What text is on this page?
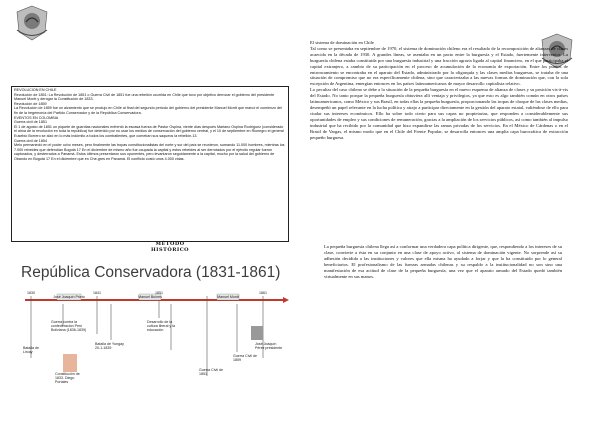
REVOLUCION EN CHILE

Revolución de 1851: La Revolución de 1851 o Guerra Civil de 1851 fue una rebelión ocurrida en Chile que tuvo por objetivo derrocar el gobierno del presidente Manuel Montt y derogar la Constitución de 1833.

Revolución de 1859

La Revolución de 1859 fue un alzamiento que se produjo en Chile al final del segundo periodo del gobierno del presidente Manuel Montt que marcó el comienzo del fin de la hegemonía del Partido Conservador y de la República Conservadora.

EVENTOS EN COLOMBIA

Guerra civil de 1851

El 1 de agosto de 1851 un piquete de guardias nacionales enfrentó la escasa fuerza de Pastor Ospina, viente días después Mariano Ospina Rodríguez (considerado el alma de la revolución en toda la república) fue detenido por no usar los medios de conservación del gobierno central, y el 10 de septiembre en Rionegro el general Eusebio Borrero se alzó en lo más indómito a todos los combatientes, que cometían sus saqueos la rebelión.13.

Guerra civil de 1854

Melo permaneció en el poder ocho meses, pero finalmente las tropas constitucionalistas del norte y sur del país se reunieron, sumando 11.000 hombres, mientras los 7.000 rebeldes que defendían Bogotá 17 En el diciembre de mismo año fue ocupada la capital y estos rebeldes al ser derrotados por el ejército regular fueron capturados, y desterrados a Panamá. Estos últimos presentaron sus oponentes, pero levantaron seguidamente a la capital, mucho por la salud del gobierno de Obando en Bogotá 17 En el diciembre que en Che-gres en Panamá. El conflicto costó unos 4.000 vidas.

MÉTODO
HISTÓRICO
República Conservadora (1831-1861)
1830	1841	1851	1861
José Joaquín Prieto	Manuel Bulnes	Manuel Montt
Batalla de Lircay
Guerra contra la confederación Perú Boliviana (1836-1839)
Constitución de 1833. Diego Portales
Batalla de Yungay 20-1-1839
Desarrollo de la cultura liberal y la educación
Guerra Civil de 1851
Guerra Civil de 1859
José Joaquín Pérez presidente

El sistema de dominación en Chile

Tal como se presentaba en septiembre de 1970, el sistema de dominación chileno era el resultado de la recomposición de alianzas de clases acaecida en la década de 1930. A grandes líneas, se asentaba en un pacto entre la burguesía y el Estado, fuertemente interventor. La burguesía chilena estaba constituida por una burguesía industrial y una fracción agraria ligada al capital financiero, en el que participaba el capital extranjero, a cambio de su participación en el proceso de acumulación de la economía de exportación. Entre los puntos de entroncamiento se encontraba en el aparato del Estado, administrado por la oligarquía y las clases medias burguesas, se trataba de una situación de compromiso que no era específicamente chilena, sino que caracterizaba a las nuevas formas de dominación que, con la sola excepción de Argentina, emergían entonces en los países latinoamericanos de mayor desarrollo capitalista relativo.

Lo peculiar del caso chileno se debe a la situación de la pequeña burguesía en el nuevo esquema de alianza de clases y su posición vis-à-vis del Estado. No tanto porque la pequeña burguesía obtuviera allí ventaja y privilegios, ya que esto es algo también común en otros países latinoamericanos, como México y sus Brasil, en todas ellas la pequeña burguesía, proporcionando las tropas de choque de las clases medias, desempeñó un papel relevante en la lucha política y atrajo a participar directamente en la gestión del aparato estatal, valiéndose de ello para ciudar sus intereses económicos. Ello ha sobre todo cierto para sus capas no propietarias, que responden a considerablemente sus oportunidades de empleo y sus condiciones de remuneración, gracias a la ampliación de los servicios públicos, así como también al impulso industrial que ha recibido por la comunidad que hizo expandirse las ramas privadas de los servicios. En el México de Cárdenas o en el Brasil de Vargas, el mismo modo que en el Chile del Frente Popular, se desarrolla entonces una amplia capa burocrática de extracción pequeño burguesa.

La pequeña burguesía chilena llega así a conformar una verdadera capa política dirigente, que, respondiendo a los intereses de su clase, convierte a ésta en su conjunto en una clase de apoyo activo, al sistema de dominación vigente. No sorprende así su adhesión decidida a las instituciones y valores que ella misma ha ayudado a forjar y que la ha constituido por lo general beneficiarios. El profesionalismo de las fuerzas armadas chilenas y su respaldo a la institucionalidad no son sino una manifestación de esa actitud de clase de la pequeña burguesía, una vez que el aparato armado del Estado quedó también virtualmente en sus manos.
